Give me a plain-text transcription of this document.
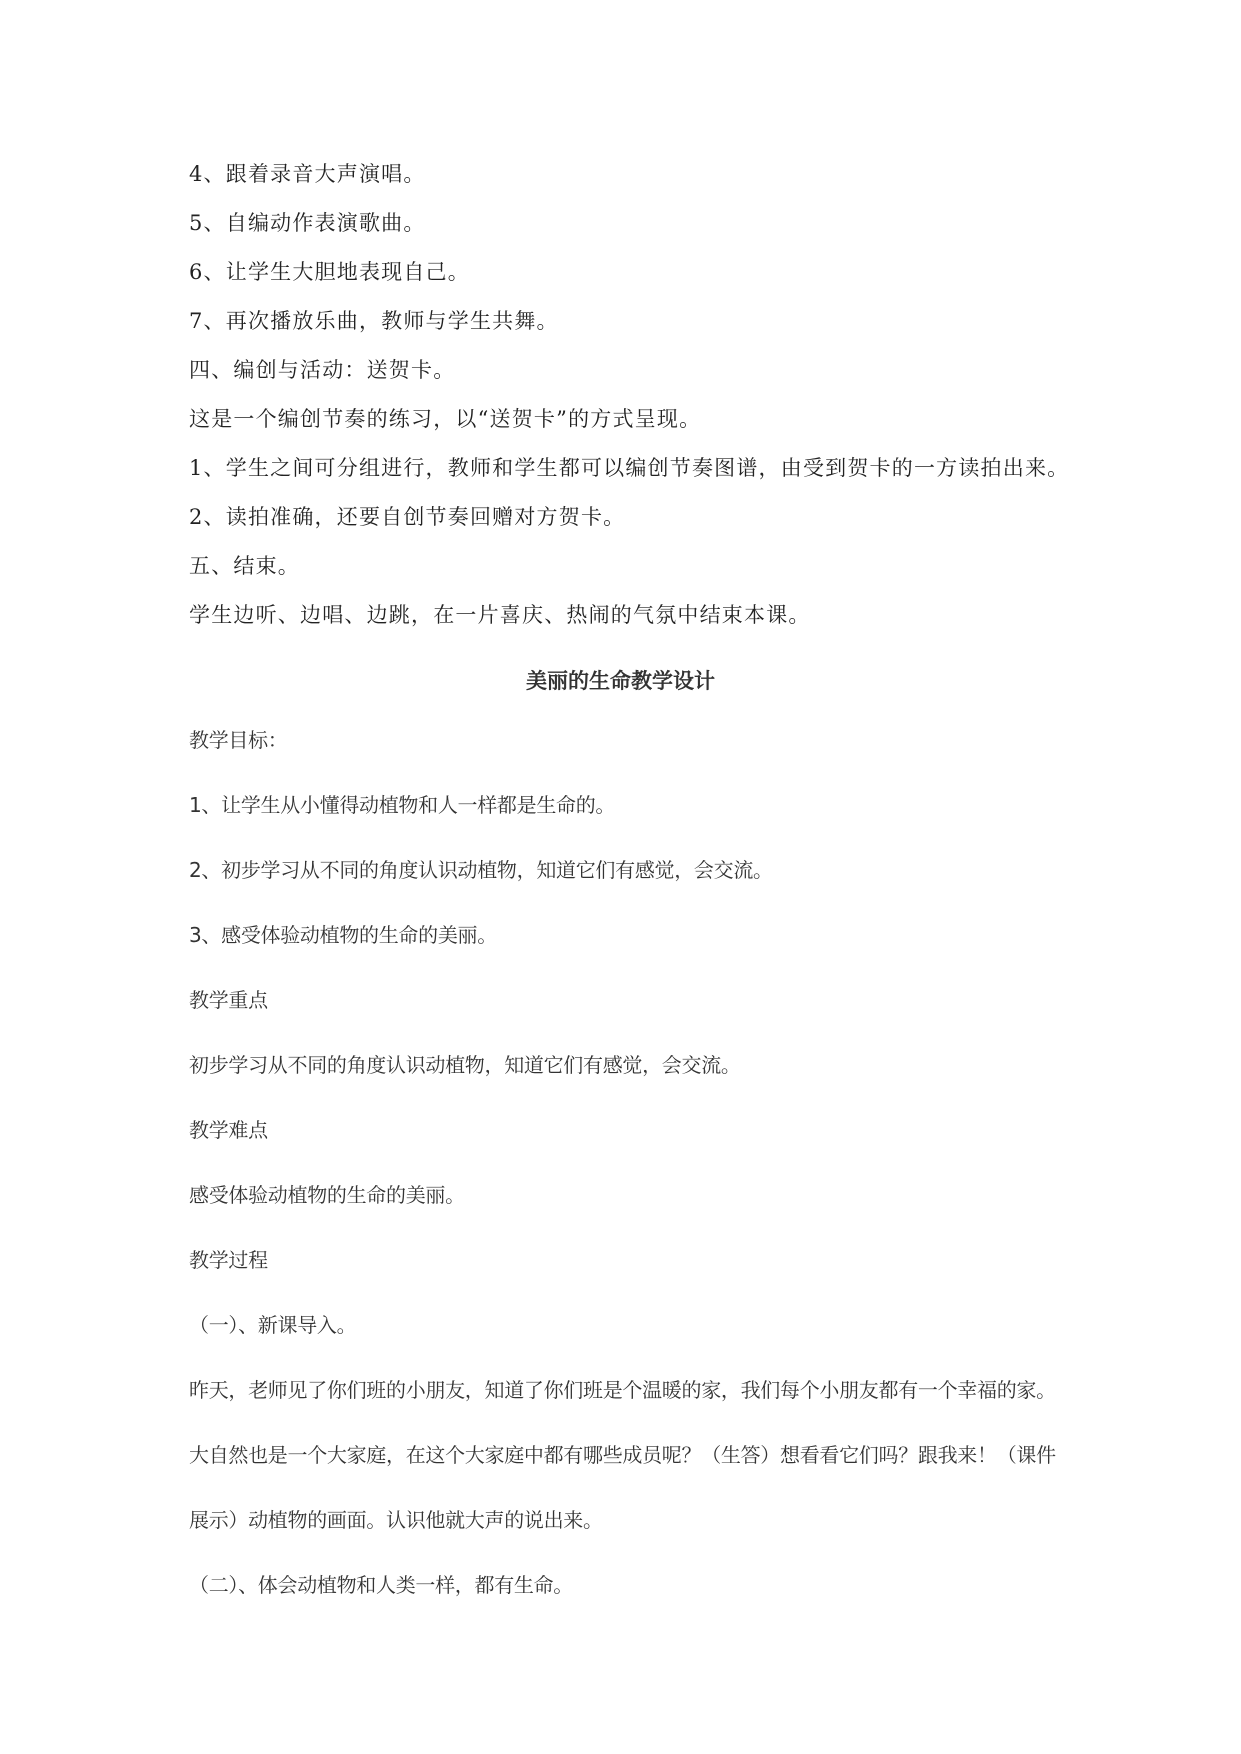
4、跟着录音大声演唱。
5、自编动作表演歌曲。
6、让学生大胆地表现自己。
7、再次播放乐曲，教师与学生共舞。
四、编创与活动：送贺卡。
这是一个编创节奏的练习，以“送贺卡”的方式呈现。
1、学生之间可分组进行，教师和学生都可以编创节奏图谱，由受到贺卡的一方读拍出来。
2、读拍准确，还要自创节奏回赠对方贺卡。
五、结束。
学生边听、边唱、边跳，在一片喜庆、热闹的气氛中结束本课。
美丽的生命教学设计
教学目标：
1、让学生从小懂得动植物和人一样都是生命的。
2、初步学习从不同的角度认识动植物，知道它们有感觉，会交流。
3、感受体验动植物的生命的美丽。
教学重点
初步学习从不同的角度认识动植物，知道它们有感觉，会交流。
教学难点
感受体验动植物的生命的美丽。
教学过程
（一）、新课导入。
昨天，老师见了你们班的小朋友，知道了你们班是个温暖的家，我们每个小朋友都有一个幸福的家。
大自然也是一个大家庭，在这个大家庭中都有哪些成员呢？（生答）想看看它们吗？跟我来！（课件
展示）动植物的画面。认识他就大声的说出来。
（二）、体会动植物和人类一样，都有生命。
